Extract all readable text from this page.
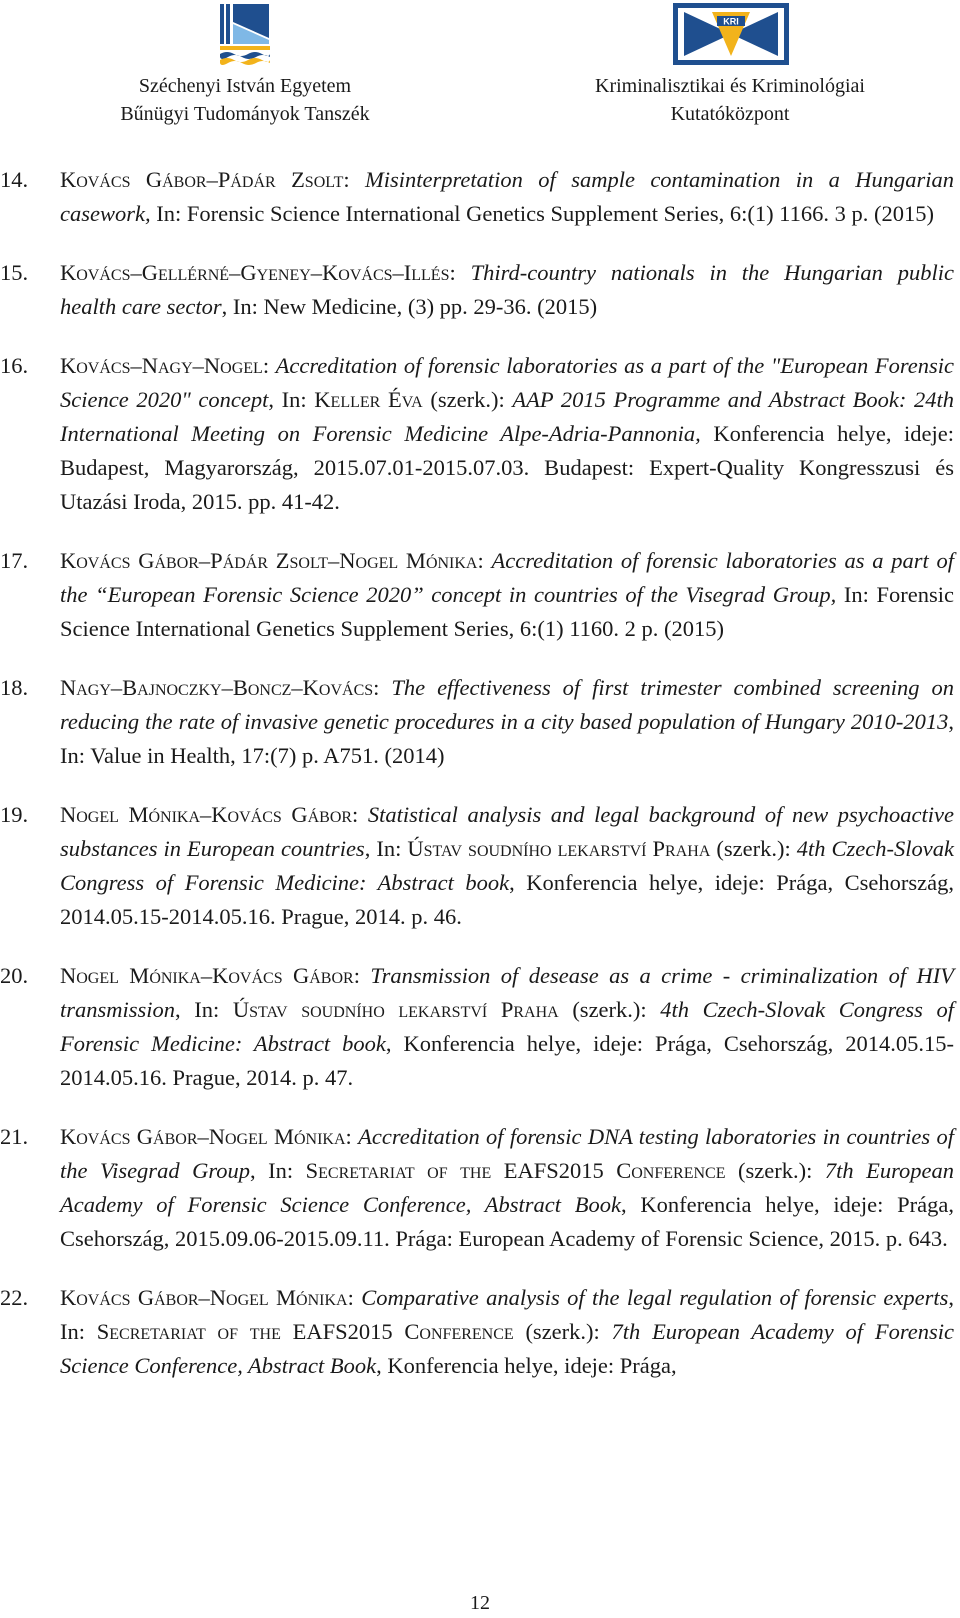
KRI
Széchenyi István Egyetem
Bűnügyi Tudományok Tanszék
Kriminalisztikai és Kriminológiai
Kutatóközpont
14. Kovács Gábor–Pádár Zsolt: Misinterpretation of sample contamination in a Hungarian casework, In: Forensic Science International Genetics Supplement Series, 6:(1) 1166. 3 p. (2015)
15. Kovács–Gellérné–Gyeney–Kovács–Illés: Third-country nationals in the Hungarian public health care sector, In: New Medicine, (3) pp. 29-36. (2015)
16. Kovács–Nagy–Nogel: Accreditation of forensic laboratories as a part of the "European Forensic Science 2020" concept, In: Keller Éva (szerk.): AAP 2015 Programme and Abstract Book: 24th International Meeting on Forensic Medicine Alpe-Adria-Pannonia, Konferencia helye, ideje: Budapest, Magyarország, 2015.07.01-2015.07.03. Budapest: Expert-Quality Kongresszusi és Utazási Iroda, 2015. pp. 41-42.
17. Kovács Gábor–Pádár Zsolt–Nogel Mónika: Accreditation of forensic laboratories as a part of the “European Forensic Science 2020” concept in countries of the Visegrad Group, In: Forensic Science International Genetics Supplement Series, 6:(1) 1160. 2 p. (2015)
18. Nagy–Bajnoczky–Boncz–Kovács: The effectiveness of first trimester combined screening on reducing the rate of invasive genetic procedures in a city based population of Hungary 2010-2013, In: Value in Health, 17:(7) p. A751. (2014)
19. Nogel Mónika–Kovács Gábor: Statistical analysis and legal background of new psychoactive substances in European countries, In: Ústav soudního lekarství Praha (szerk.): 4th Czech-Slovak Congress of Forensic Medicine: Abstract book, Konferencia helye, ideje: Prága, Csehország, 2014.05.15-2014.05.16. Prague, 2014. p. 46.
20. Nogel Mónika–Kovács Gábor: Transmission of desease as a crime - criminalization of HIV transmission, In: Ústav soudního lekarství Praha (szerk.): 4th Czech-Slovak Congress of Forensic Medicine: Abstract book, Konferencia helye, ideje: Prága, Csehország, 2014.05.15-2014.05.16. Prague, 2014. p. 47.
21. Kovács Gábor–Nogel Mónika: Accreditation of forensic DNA testing laboratories in countries of the Visegrad Group, In: Secretariat of the EAFS2015 Conference (szerk.): 7th European Academy of Forensic Science Conference, Abstract Book, Konferencia helye, ideje: Prága, Csehország, 2015.09.06-2015.09.11. Prága: European Academy of Forensic Science, 2015. p. 643.
22. Kovács Gábor–Nogel Mónika: Comparative analysis of the legal regulation of forensic experts, In: Secretariat of the EAFS2015 Conference (szerk.): 7th European Academy of Forensic Science Conference, Abstract Book, Konferencia helye, ideje: Prága,
12
